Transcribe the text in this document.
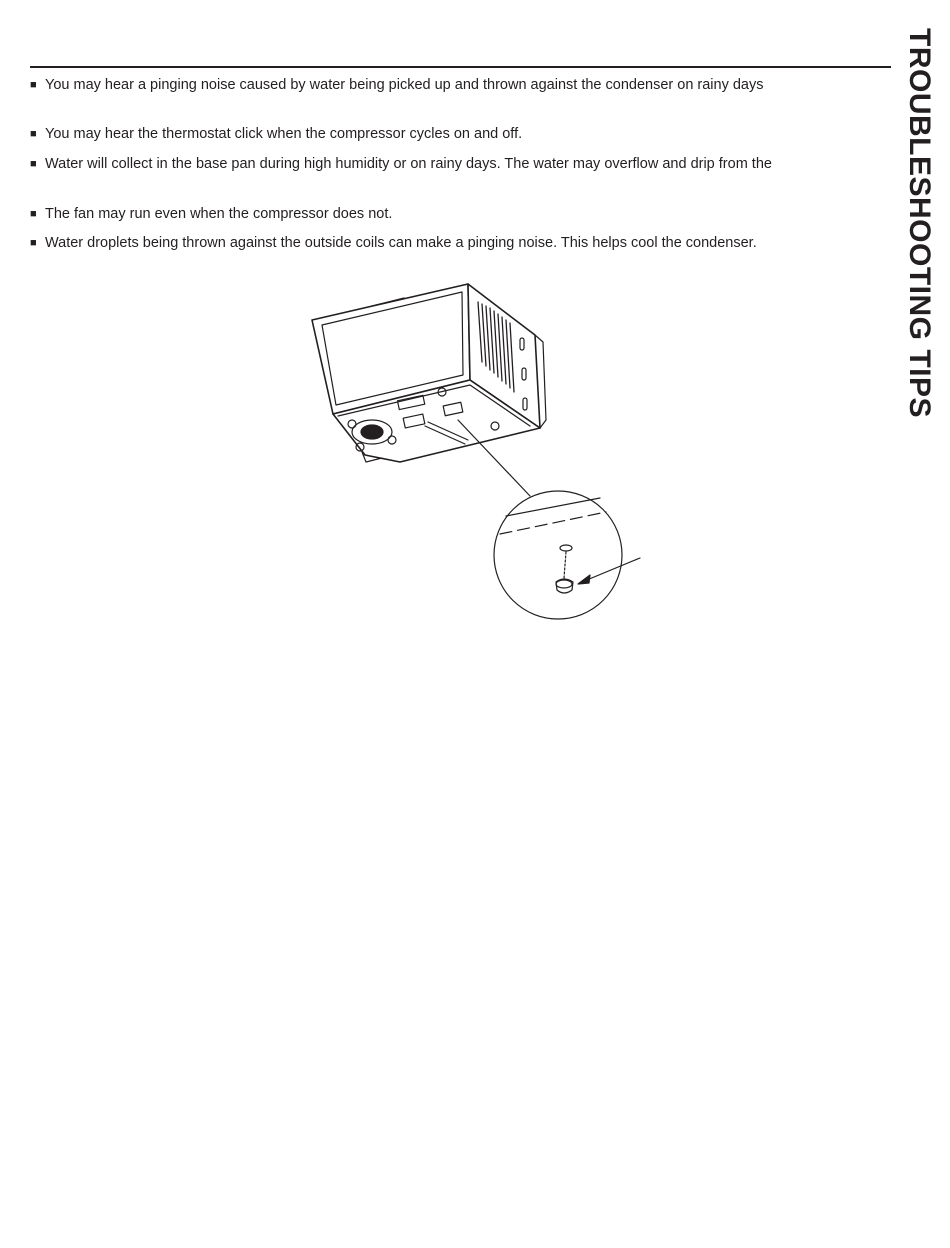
■ You may hear a pinging noise caused by water being picked up and thrown against the condenser on rainy days
■ You may hear the thermostat click when the compressor cycles on and off.
■ Water will collect in the base pan during high humidity or on rainy days. The water may overflow and drip from the
■ The fan may run even when the compressor does not.
■ Water droplets being thrown against the outside coils can make a pinging noise. This helps cool the condenser.	TROUBLESHOOTING TIPS
